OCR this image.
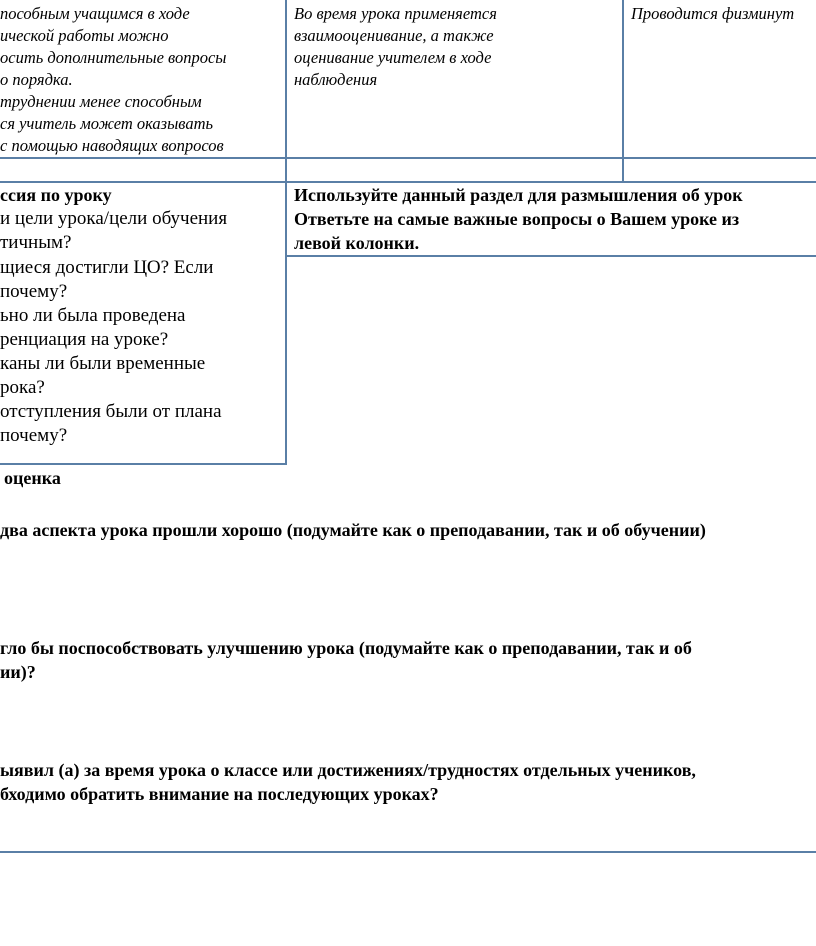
пособным учащимся в ходе
ической работы можно
осить дополнительные вопросы
о порядка.
труднении менее способным
ся учитель может оказывать
с помощью наводящих вопросов
Во время урока применяется
взаимооценивание, а также
оценивание учителем в ходе
наблюдения
Проводится физминут
ссия по уроку
и цели урока/цели обучения
тичным?
щиеся достигли ЦО? Если
почему?
ьно ли была проведена
ренциация на уроке?
каны ли были временные
рока?
отступления были от плана
почему?
Используйте данный раздел для размышления об урок
Ответьте на самые важные вопросы о Вашем уроке из
левой колонки.
оценка
два аспекта урока прошли хорошо (подумайте как о преподавании, так и об обучении)
гло бы поспособствовать улучшению урока (подумайте как о преподавании, так и об
ии)?
ыявил (а) за время урока о классе или достижениях/трудностях отдельных учеников,
бходимо обратить внимание на последующих уроках?
